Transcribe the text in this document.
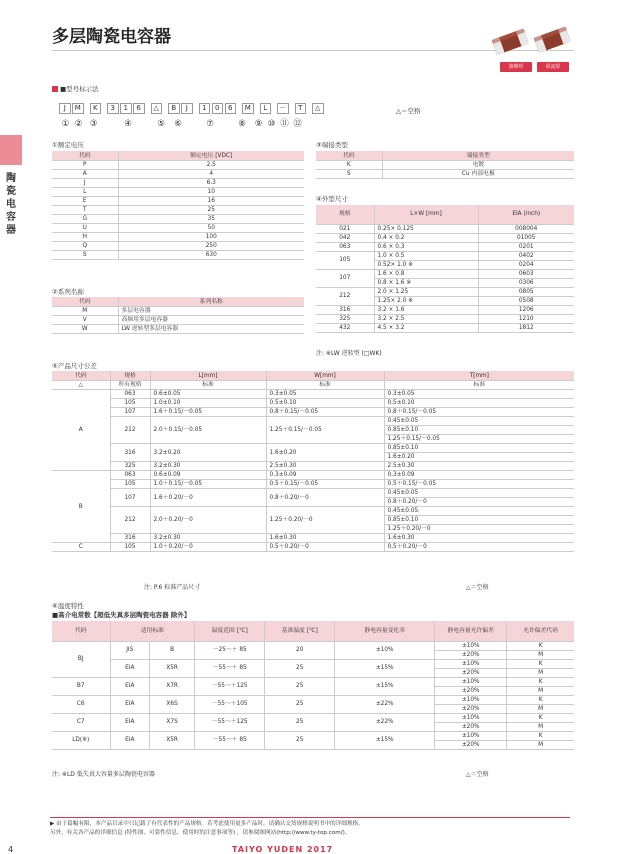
多层陶瓷电容器
波峰焊	回流焊
陶瓷电容器
■型号标示法
J	M	K	3	1	6	△	B	J	1	0	6	M	L	－	T	△
① ② ③	④	⑤	⑥	⑦	⑧	⑨ ⑩ ⑪ ⑫
△＝空格
①额定电压
代码	额定电压 [VDC]
P	2.5
A	4
J	6.3
L	10
E	16
T	25
G	35
U	50
H	100
Q	250
S	630
②系列名称
代码	系列名称
M	多层电容器
V	高频用多层电容器
W	LW 逆转型多层电容器
③端接类型
代码	端接类型
K	电镀
S	Cu 内部电极
④外型尺寸
规格	L×W [mm]	EIA (inch)
021	0.25× 0.125	008004
042	0.4 × 0.2	01005
063	0.6 × 0.3	0201
105	1.0 × 0.5	0402
	0.52× 1.0 ※	0204
107	1.6 × 0.8	0603
	0.8 × 1.6 ※	0306
212	2.0 × 1.25	0805
	1.25× 2.0 ※	0508
316	3.2 × 1.6	1206
325	3.2 × 2.5	1210
432	4.5 × 3.2	1812
注: ※LW 逆转型 (□WK)
⑤产品尺寸公差
代码	规格	L[mm]	W[mm]	T[mm]
△	所有规格	标准	标准	标准
A	063	0.6±0.05	0.3±0.05	0.3±0.05
	105	1.0±0.10	0.5±0.10	0.5±0.10
	107	1.6＋0.15/－0.05	0.8＋0.15/－0.05	0.8＋0.15/－0.05
	212	2.0＋0.15/－0.05	1.25＋0.15/－0.05	0.45±0.05
				0.85±0.10
				1.25＋0.15/－0.05
	316	3.2±0.20	1.6±0.20	0.85±0.10
				1.6±0.20
	325	3.2±0.30	2.5±0.30	2.5±0.30
B	063	0.6±0.09	0.3±0.09	0.3±0.09
	105	1.0＋0.15/－0.05	0.5＋0.15/－0.05	0.5＋0.15/－0.05
	107	1.6＋0.20/－0	0.8＋0.20/－0	0.45±0.05
				0.8＋0.20/－0
	212	2.0＋0.20/－0	1.25＋0.20/－0	0.45±0.05
				0.85±0.10
				1.25＋0.20/－0
	316	3.2±0.30	1.6±0.30	1.6±0.30
C	105	1.0＋0.20/－0	0.5＋0.20/－0	0.5＋0.20/－0
注: P.6 标准产品尺寸	△＝空格
⑥温度特性
■高介电常数【超低失真多层陶瓷电容器 除外】
代码	适用标准		温度范围 [℃]	基准温度 [℃]	静电容量变化率	静电容量允许偏差	允许偏差代码
BJ	JIS	B	－25～＋ 85	20	±10%	±10%	K
						±20%	M
	EIA	X5R	－55～＋ 85	25	±15%	±10%	K
						±20%	M
B7	EIA	X7R	－55～＋125	25	±15%	±10%	K
						±20%	M
C6	EIA	X6S	－55～＋105	25	±22%	±10%	K
						±20%	M
C7	EIA	X7S	－55～＋125	25	±22%	±10%	K
						±20%	M
LD(※)	EIA	X5R	－55～＋ 85	25	±15%	±10%	K
						±20%	M
注: ※LD 低失真大容量多层陶瓷电容器	△＝空格
▶ 由于篇幅有限，本产品目录中只记载了有代表性的产品规格。若考虑使用更多产品时，请确认交货规格说明书中的详细规格。
另外，有关各产品的详细信息 (特性图、可靠性信息、使用时的注意事项等) ，请参阅图网站(http://www.ty-top.com/)。
4	TAIYO YUDEN 2017
